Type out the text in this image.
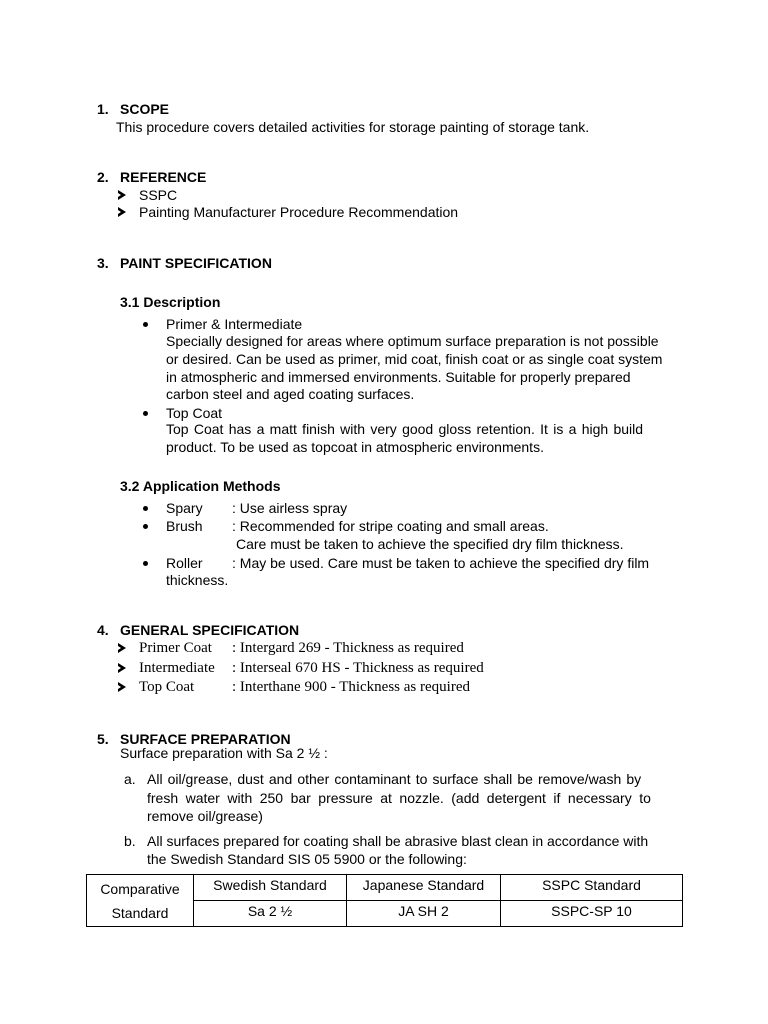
1. SCOPE
This procedure covers detailed activities for storage painting of storage tank.
2. REFERENCE
SSPC
Painting Manufacturer Procedure Recommendation
3. PAINT SPECIFICATION
3.1 Description
Primer & Intermediate
Specially designed for areas where optimum surface preparation is not possible
or desired. Can be used as primer, mid coat, finish coat or as single coat system
in atmospheric and immersed environments. Suitable for properly prepared
carbon steel and aged coating surfaces.
Top Coat
Top Coat has a matt finish with very good gloss retention. It is a high build
product. To be used as topcoat in atmospheric environments.
3.2 Application Methods
Spary : Use airless spray
Brush : Recommended for stripe coating and small areas.
Care must be taken to achieve the specified dry film thickness.
Roller : May be used. Care must be taken to achieve the specified dry film
thickness.
4. GENERAL SPECIFICATION
Primer Coat : Intergard 269 - Thickness as required
Intermediate : Interseal 670 HS - Thickness as required
Top Coat	: Interthane 900 - Thickness as required
5. SURFACE PREPARATION
Surface preparation with Sa 2 ½ :
a. All oil/grease, dust and other contaminant to surface shall be remove/wash by
fresh water with 250 bar pressure at nozzle. (add detergent if necessary to
remove oil/grease)
b. All surfaces prepared for coating shall be abrasive blast clean in accordance with
the Swedish Standard SIS 05 5900 or the following:
Comparative
Standard	Swedish Standard	Japanese Standard	SSPC Standard
	Sa 2 ½	JA SH 2	SSPC-SP 10
